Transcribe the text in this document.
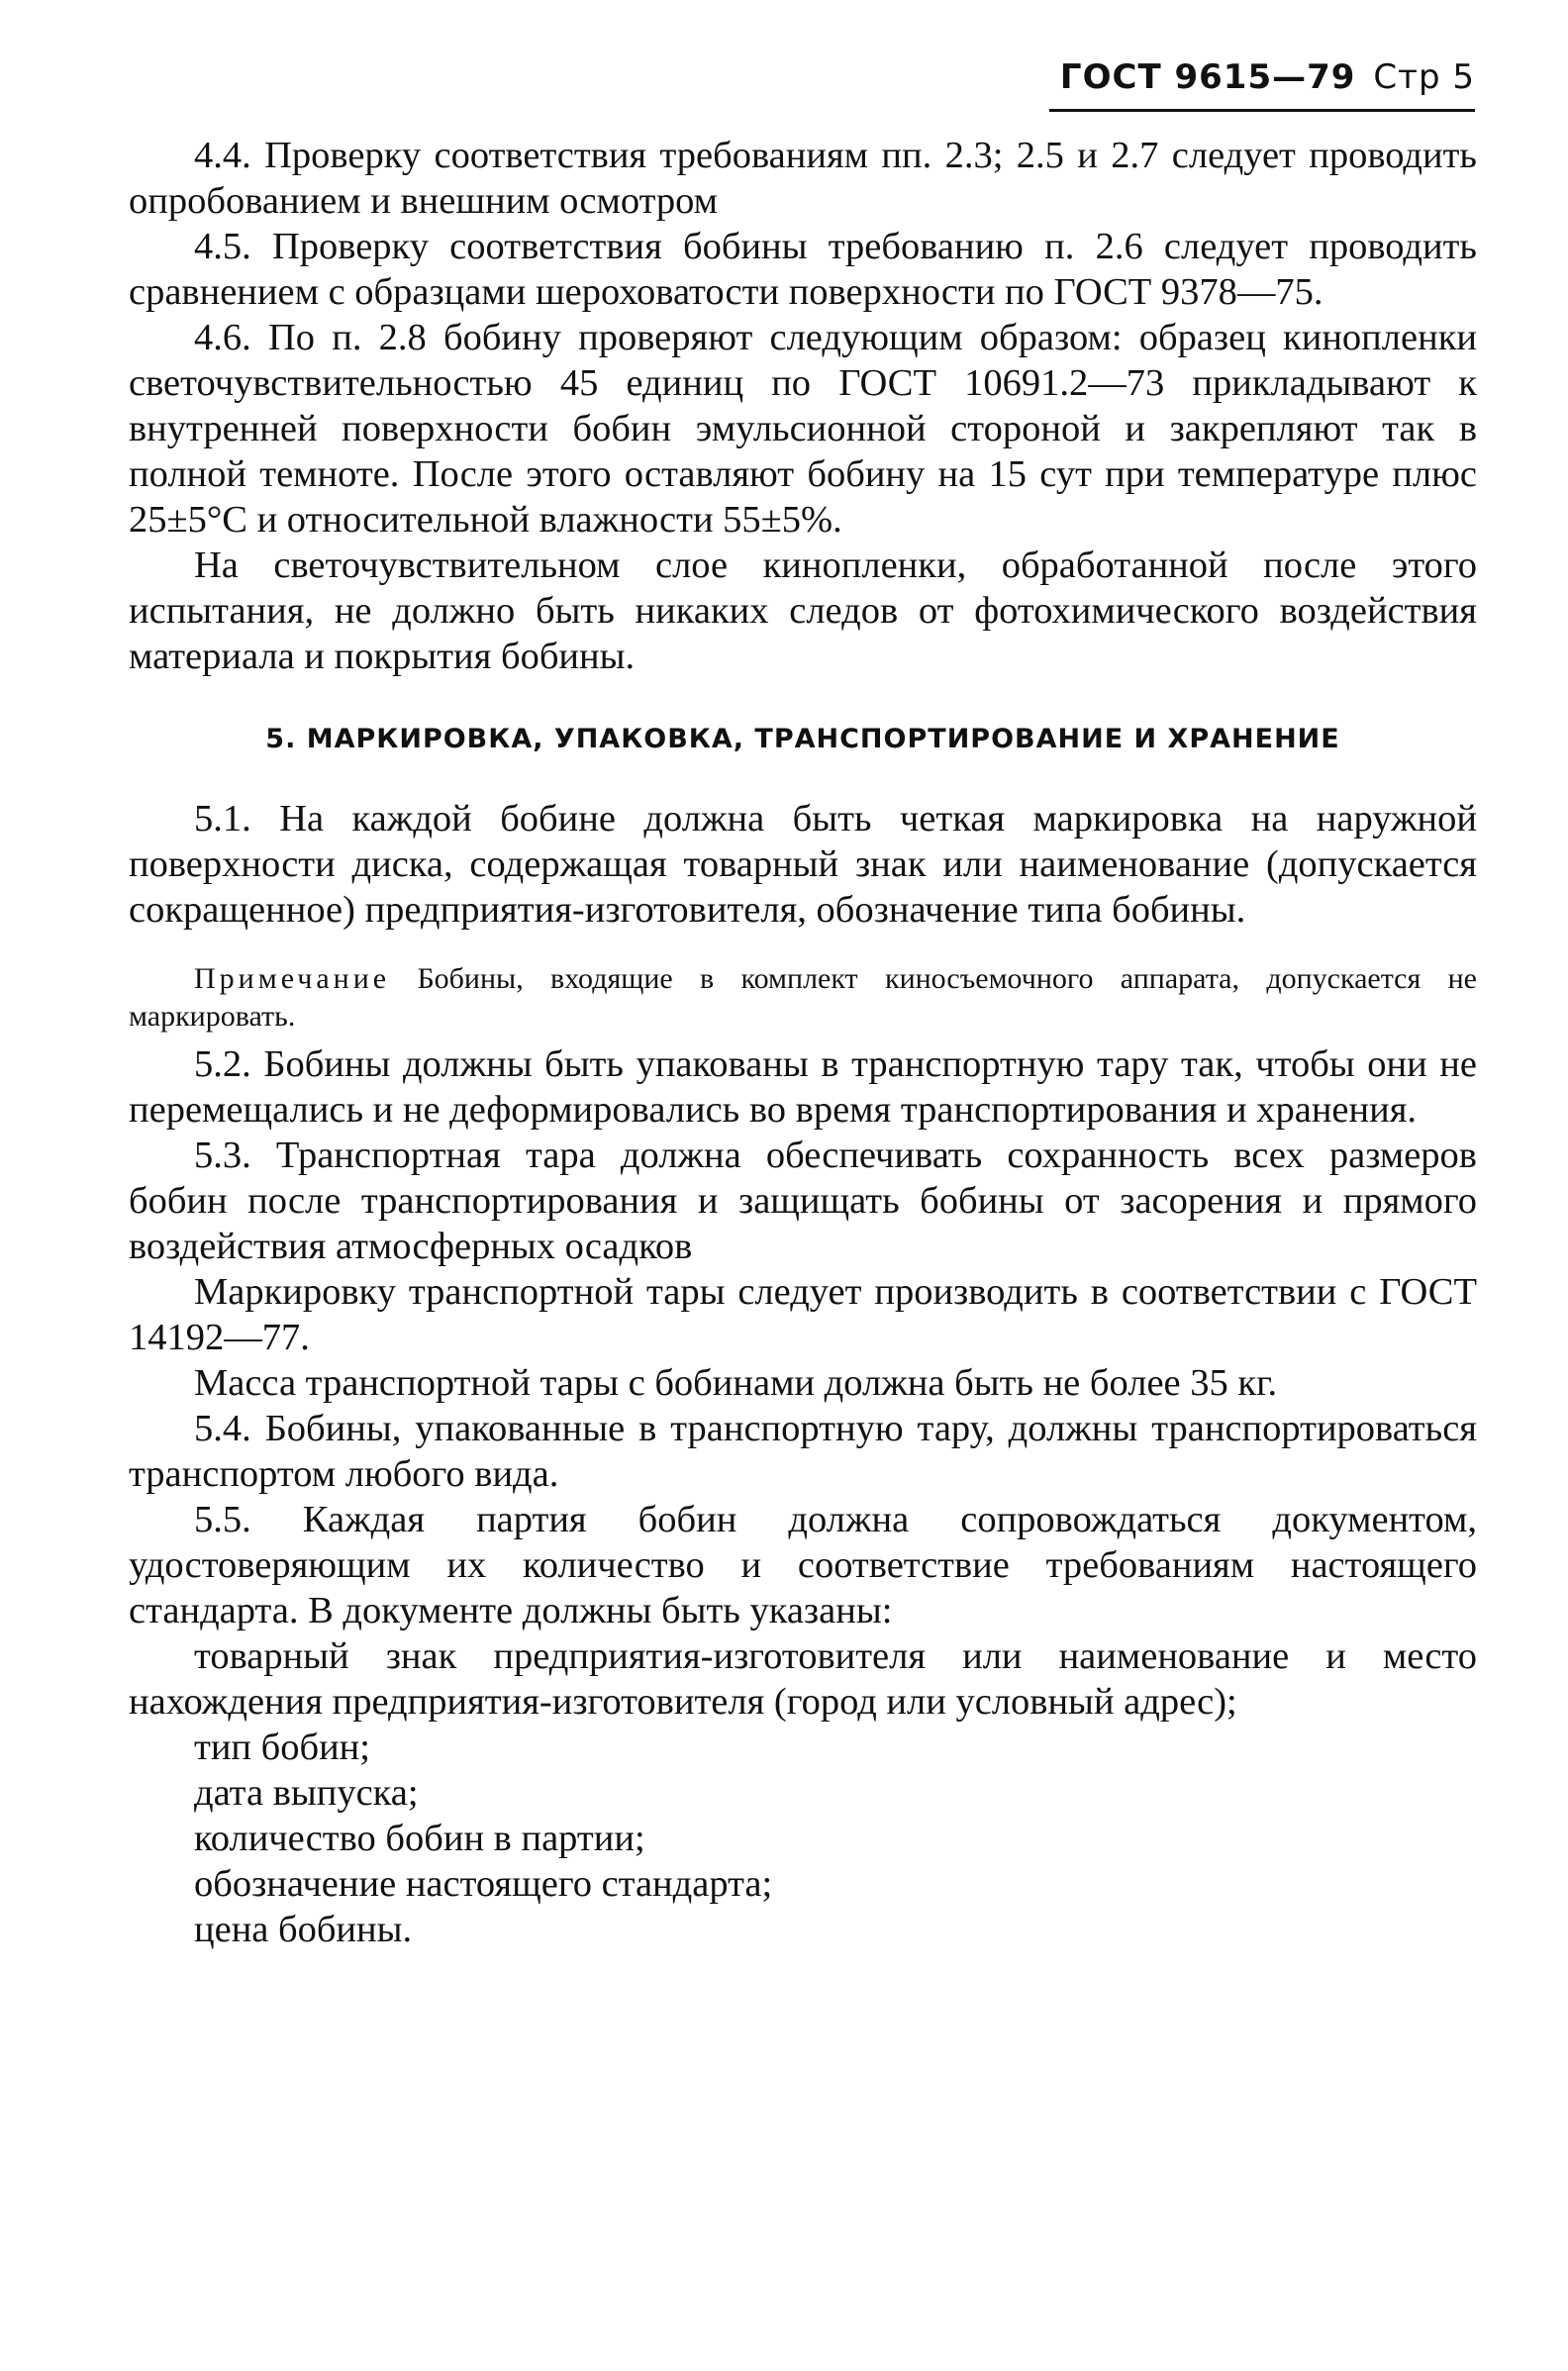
ГОСТ 9615—79 Стр 5

4.4. Проверку соответствия требованиям пп. 2.3; 2.5 и 2.7 следует проводить опробованием и внешним осмотром

4.5. Проверку соответствия бобины требованию п. 2.6 следует проводить сравнением с образцами шероховатости поверхности по ГОСТ 9378—75.

4.6. По п. 2.8 бобину проверяют следующим образом: образец кинопленки светочувствительностью 45 единиц по ГОСТ 10691.2—73 прикладывают к внутренней поверхности бобин эмульсионной стороной и закрепляют так в полной темноте. После этого оставляют бобину на 15 сут при температуре плюс 25±5°С и относительной влажности 55±5%.

На светочувствительном слое кинопленки, обработанной после этого испытания, не должно быть никаких следов от фотохимического воздействия материала и покрытия бобины.

5. МАРКИРОВКА, УПАКОВКА, ТРАНСПОРТИРОВАНИЕ И ХРАНЕНИЕ

5.1. На каждой бобине должна быть четкая маркировка на наружной поверхности диска, содержащая товарный знак или наименование (допускается сокращенное) предприятия-изготовителя, обозначение типа бобины.

Примечание Бобины, входящие в комплект киносъемочного аппарата, допускается не маркировать.

5.2. Бобины должны быть упакованы в транспортную тару так, чтобы они не перемещались и не деформировались во время транспортирования и хранения.

5.3. Транспортная тара должна обеспечивать сохранность всех размеров бобин после транспортирования и защищать бобины от засорения и прямого воздействия атмосферных осадков

Маркировку транспортной тары следует производить в соответствии с ГОСТ 14192—77.

Масса транспортной тары с бобинами должна быть не более 35 кг.

5.4. Бобины, упакованные в транспортную тару, должны транспортироваться транспортом любого вида.

5.5. Каждая партия бобин должна сопровождаться документом, удостоверяющим их количество и соответствие требованиям настоящего стандарта. В документе должны быть указаны:

товарный знак предприятия-изготовителя или наименование и место нахождения предприятия-изготовителя (город или условный адрес);

тип бобин;

дата выпуска;

количество бобин в партии;

обозначение настоящего стандарта;

цена бобины.
